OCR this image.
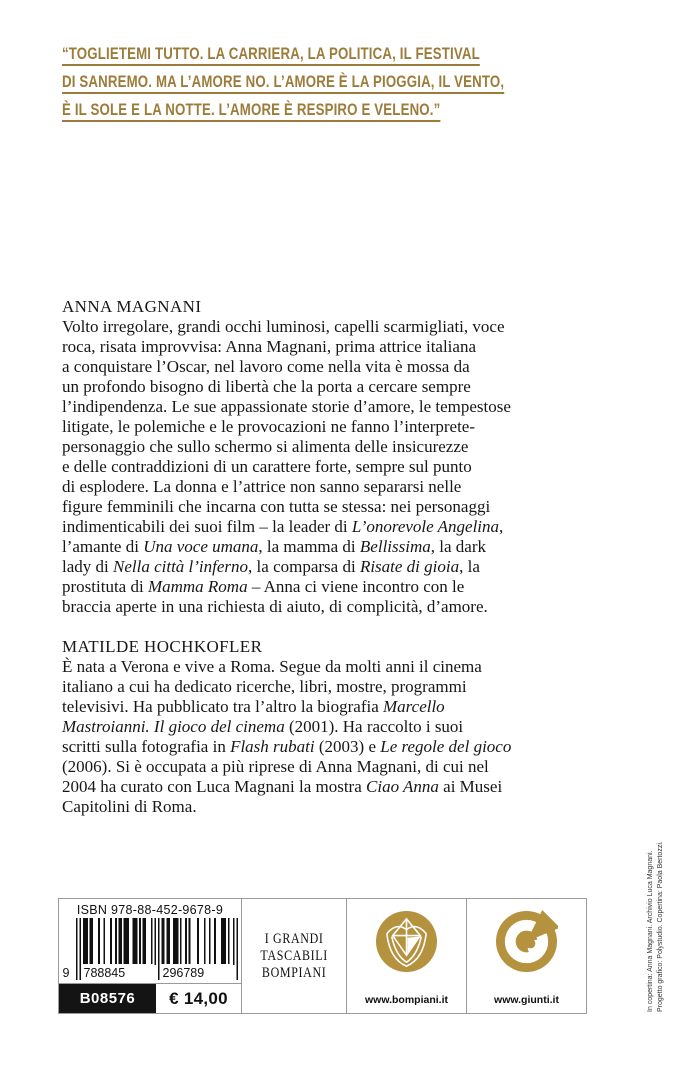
“TOGLIETEMI TUTTO. LA CARRIERA, LA POLITICA, IL FESTIVAL
DI SANREMO. MA L’AMORE NO. L’AMORE È LA PIOGGIA, IL VENTO,
È IL SOLE E LA NOTTE. L’AMORE È RESPIRO E VELENO.”
ANNA MAGNANI

Volto irregolare, grandi occhi luminosi, capelli scarmigliati, voce
roca, risata improvvisa: Anna Magnani, prima attrice italiana
a conquistare l’Oscar, nel lavoro come nella vita è mossa da
un profondo bisogno di libertà che la porta a cercare sempre
l’indipendenza. Le sue appassionate storie d’amore, le tempestose
litigate, le polemiche e le provocazioni ne fanno l’interprete-
personaggio che sullo schermo si alimenta delle insicurezze
e delle contraddizioni di un carattere forte, sempre sul punto
di esplodere. La donna e l’attrice non sanno separarsi nelle
figure femminili che incarna con tutta se stessa: nei personaggi
indimenticabili dei suoi film – la leader di L’onorevole Angelina,
l’amante di Una voce umana, la mamma di Bellissima, la dark
lady di Nella città l’inferno, la comparsa di Risate di gioia, la
prostituta di Mamma Roma – Anna ci viene incontro con le
braccia aperte in una richiesta di aiuto, di complicità, d’amore.

MATILDE HOCHKOFLER

È nata a Verona e vive a Roma. Segue da molti anni il cinema
italiano a cui ha dedicato ricerche, libri, mostre, programmi
televisivi. Ha pubblicato tra l’altro la biografia Marcello
Mastroianni. Il gioco del cinema (2001). Ha raccolto i suoi
scritti sulla fotografia in Flash rubati (2003) e Le regole del gioco
(2006). Si è occupata a più riprese di Anna Magnani, di cui nel
2004 ha curato con Luca Magnani la mostra Ciao Anna ai Musei
Capitolini di Roma.

In copertina: Anna Magnani. Archivio Luca Magnani. Progetto grafico: Polystudio. Copertina: Paola Bertozzi.
ISBN 978-88-452-9678-9
9 788845	296789
B08576	€ 14,00
I GRANDI
TASCABILI
BOMPIANI
www.bompiani.it	www.giunti.it
